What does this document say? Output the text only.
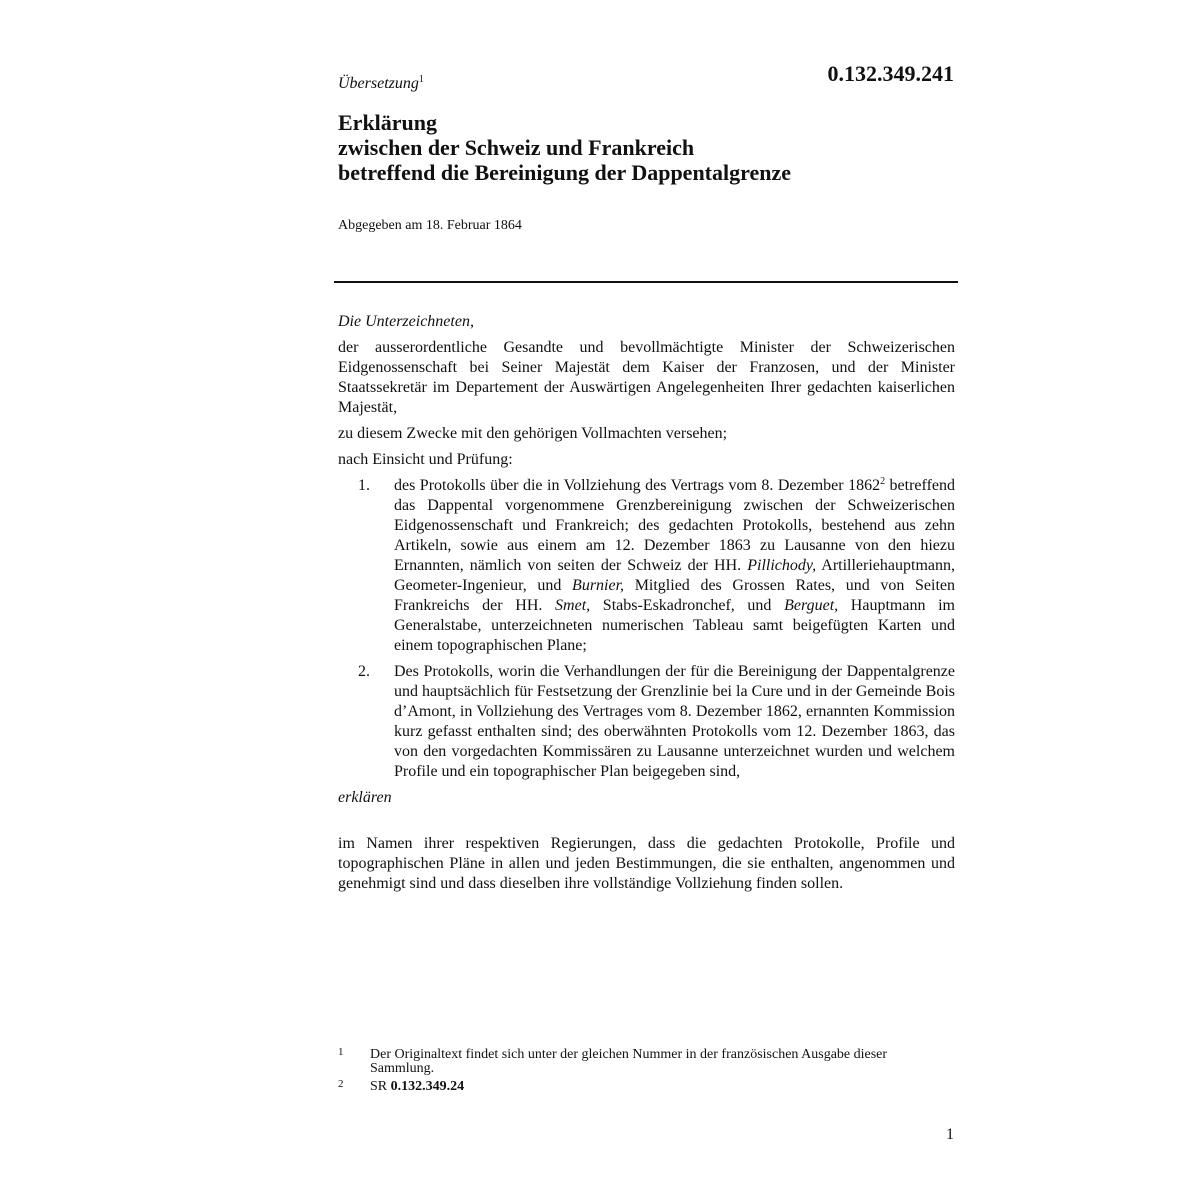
Übersetzung$^1$	0.132.349.241
Erklärung
zwischen der Schweiz und Frankreich
betreffend die Bereinigung der Dappentalgrenze
Abgegeben am 18. Februar 1864

Die Unterzeichneten,

der ausserordentliche Gesandte und bevollmächtigte Minister der Schweizerischen Eidgenossenschaft bei Seiner Majestät dem Kaiser der Franzosen, und der Minister Staatssekretär im Departement der Auswärtigen Angelegenheiten Ihrer gedachten kaiserlichen Majestät,

zu diesem Zwecke mit den gehörigen Vollmachten versehen;

nach Einsicht und Prüfung:

1. des Protokolls über die in Vollziehung des Vertrags vom 8. Dezember 1862$^2$ betreffend das Dappental vorgenommene Grenzbereinigung zwischen der Schweizerischen Eidgenossenschaft und Frankreich; des gedachten Protokolls, bestehend aus zehn Artikeln, sowie aus einem am 12. Dezember 1863 zu Lausanne von den hiezu Ernannten, nämlich von seiten der Schweiz der HH. Pillichody, Artilleriehauptmann, Geometer-Ingenieur, und Burnier, Mitglied des Grossen Rates, und von Seiten Frankreichs der HH. Smet, Stabs-Eskadronchef, und Berguet, Hauptmann im Generalstabe, unterzeichneten numerischen Tableau samt beigefügten Karten und einem topographischen Plane;
2. Des Protokolls, worin die Verhandlungen der für die Bereinigung der Dappentalgrenze und hauptsächlich für Festsetzung der Grenzlinie bei la Cure und in der Gemeinde Bois d’Amont, in Vollziehung des Vertrages vom 8. Dezember 1862, ernannten Kommission kurz gefasst enthalten sind; des oberwähnten Protokolls vom 12. Dezember 1863, das von den vorgedachten Kommissären zu Lausanne unterzeichnet wurden und welchem Profile und ein topographischer Plan beigegeben sind,

erklären

im Namen ihrer respektiven Regierungen, dass die gedachten Protokolle, Profile und topographischen Pläne in allen und jeden Bestimmungen, die sie enthalten, angenommen und genehmigt sind und dass dieselben ihre vollständige Vollziehung finden sollen.

1 Der Originaltext findet sich unter der gleichen Nummer in der französischen Ausgabe dieser Sammlung.
2 SR 0.132.349.24
1
